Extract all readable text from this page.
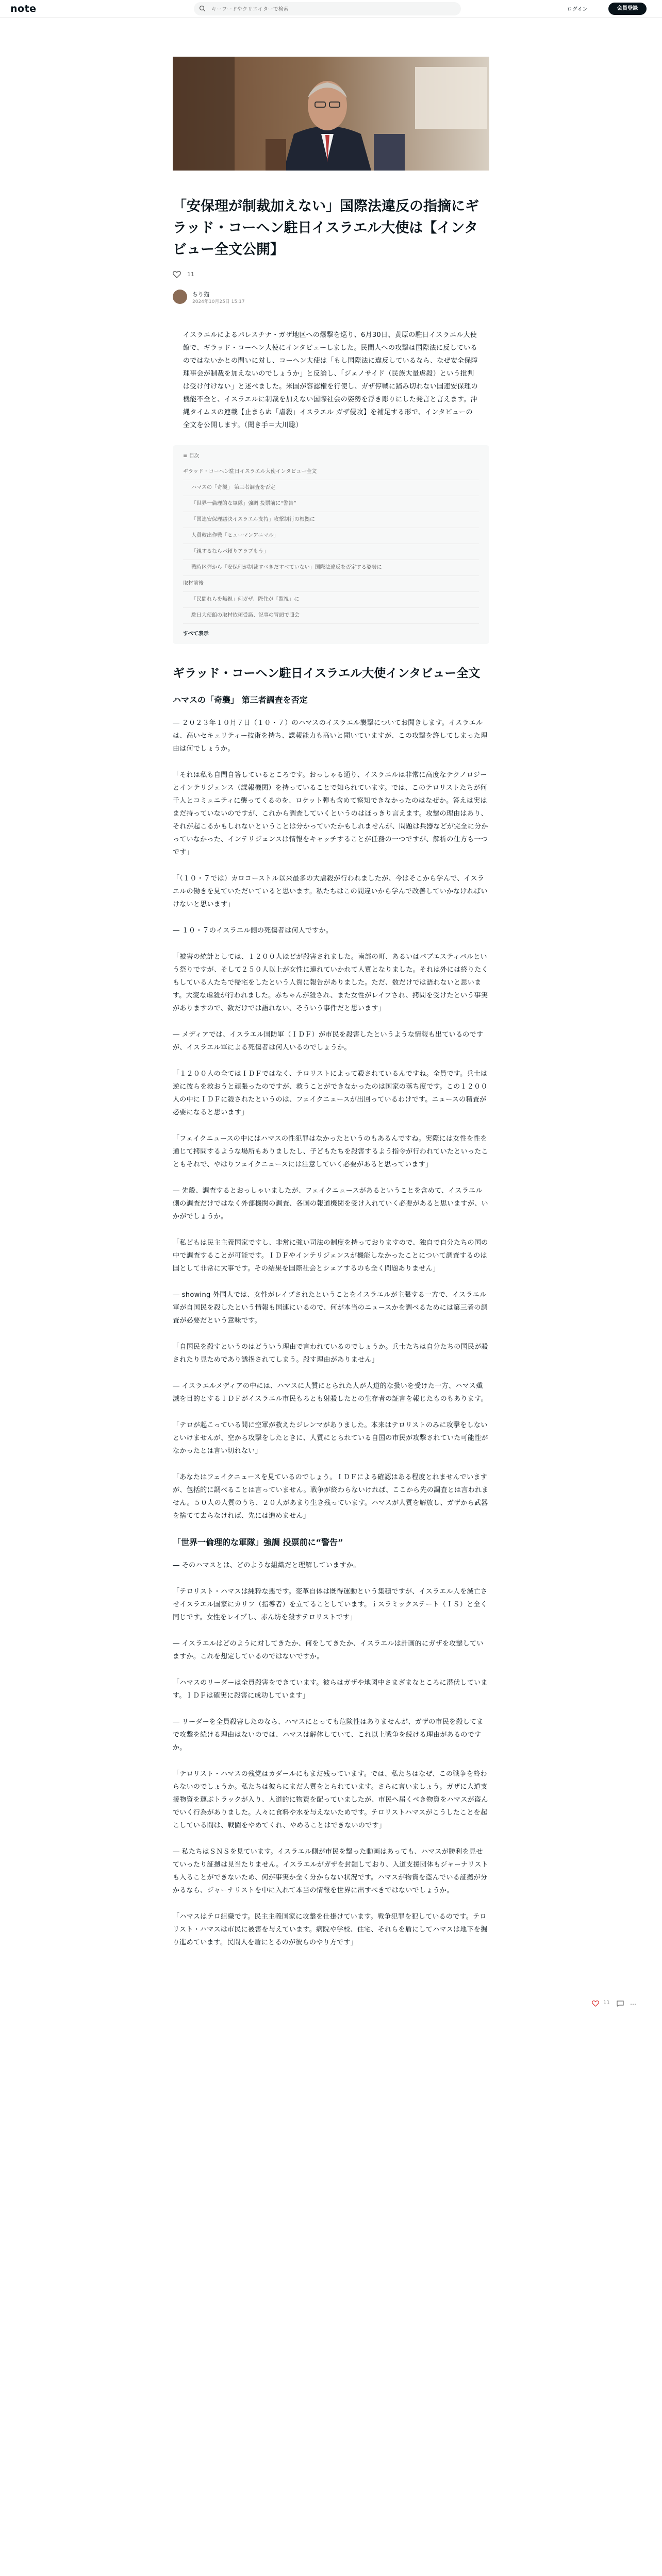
note
キーワードやクリエイターで検索	ログイン	会員登録
「安保理が制裁加えない」国際法違反の指摘にギラッド・コーヘン駐日イスラエル大使は【インタビュー全文公開】
11
ちり猫
2024年10月25日 15:17

イスラエルによるパレスチナ・ガザ地区への爆撃を巡り、6月30日、黄原の駐日イスラエル大使館で、ギラッド・コーヘン大使にインタビューしました。民間人への攻撃は国際法に反しているのではないかとの問いに対し、コーヘン大使は「もし国際法に違反しているなら、なぜ安全保障理事会が制裁を加えないのでしょうか」と反論し、「ジェノサイド（民族大量虐殺）という批判は受け付けない」と述べました。米国が容認権を行使し、ガザ停戦に踏み切れない国連安保理の機能不全と、イスラエルに制裁を加えない国際社会の姿勢を浮き彫りにした発言と言えます。沖縄タイムスの連載【止まらぬ「虐殺」イスラエル ガザ侵攻】を補足する形で、インタビューの全文を公開します。（聞き手＝大川聡）

≡ 目次
ギラッド・コーヘン駐日イスラエル大使インタビュー全文
ハマスの「奇襲」 第三者調査を否定
「世界一倫理的な軍隊」強調 投票前に“警告”
「国連安保理議決イスラエル支持」攻撃制行の根拠に
人質救出作戦「ヒューマンアニマル」
「親するならパ頼りアラブもう」
戦時区弾から「安保理が制裁すべきだすべていない」国際法違反を否定する姿勢に
取材前後
「民間れらを無視」何ガザ、際住が「監視」に
駐日大使館の取材依頼受諾、記事の冒頭で照会
すべて表示
ギラッド・コーヘン駐日イスラエル大使インタビュー全文
ハマスの「奇襲」 第三者調査を否定

― ２０２３年１０月７日（１０・７）のハマスのイスラエル襲撃についてお聞きします。イスラエルは、高いセキュリティー技術を持ち、諜報能力も高いと聞いていますが、この攻撃を許してしまった理由は何でしょうか。

「それは私も自問自答しているところです。おっしゃる通り、イスラエルは非常に高度なテクノロジーとインテリジェンス（諜報機関）を持っていることで知られています。では、このテロリストたちが何千人とコミュニティに襲ってくるのを、ロケット弾も含めて察知できなかったのはなぜか。答えは実はまだ持っていないのですが、これから調査していくというのはほっきり言えます。攻撃の理由はあり、それが起こるかもしれないということは分かっていたかもしれませんが、問題は兵器などが完全に分かっていなかった、インテリジェンスは情報をキャッチすることが任務の一つですが、解析の仕方も一つです」

「（１０・７では）カロコーストル以来最多の大虐殺が行われましたが、今はそこから学んで、イスラエルの働きを見ていただいていると思います。私たちはこの間違いから学んで改善していかなければいけないと思います」

― １０・７のイスラエル側の死傷者は何人ですか。

「被害の統計としては、１２００人ほどが殺害されました。南部の町、あるいはパブエスティバルという祭りですが、そして２５０人以上が女性に連れていかれて人質となりました。それは外には終りたくもしている人たちで帰宅をしたという人質に報告がありました。ただ、数だけでは語れないと思います。大変な虐殺が行われました。赤ちゃんが殺され、また女性がレイプされ、拷問を受けたという事実がありますので、数だけでは語れない、そういう事件だと思います」

― メディアでは、イスラエル国防軍（ＩＤＦ）が市民を殺害したというような情報も出ているのですが、イスラエル軍による死傷者は何人いるのでしょうか。

「１２００人の全てはＩＤＦではなく、テロリストによって殺されているんですね。全員です。兵士は逆に彼らを救おうと頑張ったのですが、救うことができなかったのは国家の落ち度です。この１２００人の中にＩＤＦに殺されたというのは、フェイクニュースが出回っているわけです。ニュースの精査が必要になると思います」

「フェイクニュースの中にはハマスの性犯罪はなかったというのもあるんですね。実際には女性を性を通じて拷問するような場所もありましたし、子どもたちを殺害するよう指令が行われていたといったこともそれで、やはりフェイクニュースには注意していく必要があると思っています」

― 先般、調査するとおっしゃいましたが、フェイクニュースがあるということを含めて、イスラエル側の調査だけではなく外部機関の調査、各国の報道機関を受け入れていく必要があると思いますが、いかがでしょうか。

「私どもは民主主義国家ですし、非常に強い司法の制度を持っておりますので、独自で自分たちの国の中で調査することが可能です。ＩＤＦやインテリジェンスが機能しなかったことについて調査するのは国として非常に大事です。その結果を国際社会とシェアするのも全く問題ありません」

― showing 外国人では、女性がレイプされたということをイスラエルが主張する一方で、イスラエル軍が自国民を殺したという情報も国連にいるので、何が本当のニュースかを調べるためには第三者の調査が必要だという意味です。

「自国民を殺すというのはどういう理由で言われているのでしょうか。兵士たちは自分たちの国民が殺されたり見ためであり誘拐されてしまう。殺す理由がありません」

― イスラエルメディアの中には、ハマスに人質にとられた人が人道的な扱いを受けた一方、ハマス殲滅を目的とするＩＤＦがイスラエル市民もろとも射殺したとの生存者の証言を報じたものもあります。

「テロが起こっている間に空軍が救えたジレンマがありました。本来はテロリストのみに攻撃をしないといけませんが、空から攻撃をしたときに、人質にとられている自国の市民が攻撃されていた可能性がなかったとは言い切れない」

「あなたはフェイクニュースを見ているのでしょう。ＩＤＦによる確認はある程度とれませんでいますが、包括的に調べることは言っていません。戦争が終わらないければ、ここから先の調査とは言われません。５０人の人質のうち、２０人があまり生き残っています。ハマスが人質を解放し、ガザから武器を捨てて去らなければ、先には進めません」

「世界一倫理的な軍隊」強調 投票前に“警告”

― そのハマスとは、どのような組織だと理解していますか。

「テロリスト・ハマスは純粋な悪です。変革自体は既得運動という集積ですが、イスラエル人を滅亡させイスラエル国家にカリフ（指導者）を立てることしています。ｉスラミックステート（ＩＳ）と全く同じです。女性をレイプし、赤ん坊を殺すテロリストです」

― イスラエルはどのように対してきたか、何をしてきたか、イスラエルは計画的にガザを攻撃していますか。これを想定しているのではないですか。

「ハマスのリーダーは全員殺害をできています。彼らはガザや地図中さまざまなところに潜伏しています。ＩＤＦは確実に殺害に成功しています」

― リーダーを全員殺害したのなら、ハマスにとっても危険性はありませんが、ガザの市民を殺してまで攻撃を続ける理由はないのでは、ハマスは解体していて、これ以上戦争を続ける理由があるのですか。

「テロリスト・ハマスの残党はカダールにもまだ残っています。では、私たちはなぜ、この戦争を終わらないのでしょうか。私たちは彼らにまだ人質をとられています。さらに言いましょう。ガザに人道支援物資を運ぶトラックが入り、人道的に物資を配っていましたが、市民へ届くべき物資をハマスが盗んでいく行為がありました。人々に食料や水を与えないためです。テロリストハマスがこうしたことを起こしている間は、戦闘をやめてくれ、やめることはできないのです」

― 私たちはＳＮＳを見ています。イスラエル側が市民を撃った動画はあっても、ハマスが勝利を見せていったり証拠は見当たりません。イスラエルがガザを封鎖しており、入道支援団体もジャーナリストも入ることができないため、何が事実か全く分からない状況です。ハマスが物資を盗んでいる証拠が分かるなら、ジャーナリストを中に入れて本当の情報を世界に出すべきではないでしょうか。

「ハマスはテロ組織です。民主主義国家に攻撃を仕掛けています。戦争犯罪を犯しているのです。テロリスト・ハマスは市民に被害を与えています。病院や学校、住宅、それらを盾にしてハマスは地下を掘り進めています。民間人を盾にとるのが彼らのやり方です」

11	…
